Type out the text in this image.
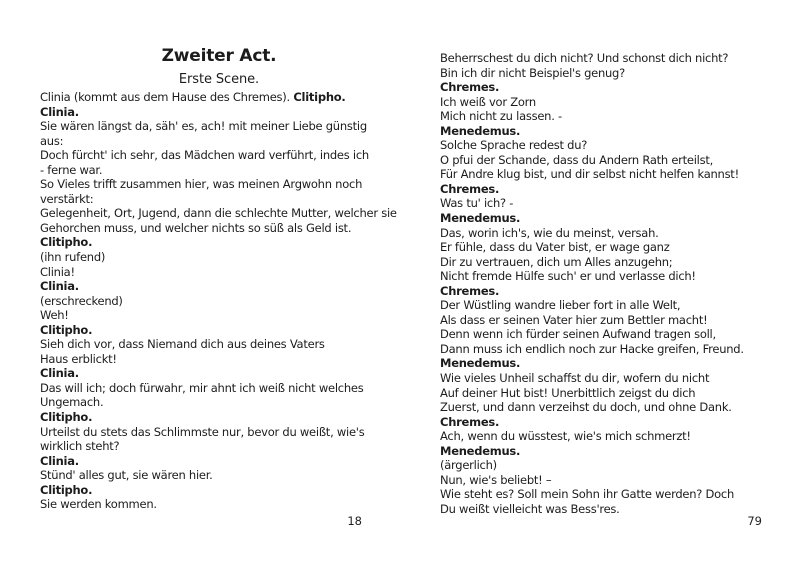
Zweiter Act.
Erste Scene.
Clinia (kommt aus dem Hause des Chremes). Clitipho.
Clinia.
Sie wären längst da, säh' es, ach! mit meiner Liebe günstig
aus:
Doch fürcht' ich sehr, das Mädchen ward verführt, indes ich
- ferne war.
So Vieles trifft zusammen hier, was meinen Argwohn noch
verstärkt:
Gelegenheit, Ort, Jugend, dann die schlechte Mutter, welcher sie
Gehorchen muss, und welcher nichts so süß als Geld ist.
Clitipho.
(ihn rufend)
Clinia!
Clinia.
(erschreckend)
Weh!
Clitipho.
Sieh dich vor, dass Niemand dich aus deines Vaters
Haus erblickt!
Clinia.
Das will ich; doch fürwahr, mir ahnt ich weiß nicht welches
Ungemach.
Clitipho.
Urteilst du stets das Schlimmste nur, bevor du weißt, wie's
wirklich steht?
Clinia.
Stünd' alles gut, sie wären hier.
Clitipho.
Sie werden kommen.
18
Beherrschest du dich nicht? Und schonst dich nicht?
Bin ich dir nicht Beispiel's genug?
Chremes.
Ich weiß vor Zorn
Mich nicht zu lassen. -
Menedemus.
Solche Sprache redest du?
O pfui der Schande, dass du Andern Rath erteilst,
Für Andre klug bist, und dir selbst nicht helfen kannst!
Chremes.
Was tu' ich? -
Menedemus.
Das, worin ich's, wie du meinst, versah.
Er fühle, dass du Vater bist, er wage ganz
Dir zu vertrauen, dich um Alles anzugehn;
Nicht fremde Hülfe such' er und verlasse dich!
Chremes.
Der Wüstling wandre lieber fort in alle Welt,
Als dass er seinen Vater hier zum Bettler macht!
Denn wenn ich fürder seinen Aufwand tragen soll,
Dann muss ich endlich noch zur Hacke greifen, Freund.
Menedemus.
Wie vieles Unheil schaffst du dir, wofern du nicht
Auf deiner Hut bist! Unerbittlich zeigst du dich
Zuerst, und dann verzeihst du doch, und ohne Dank.
Chremes.
Ach, wenn du wüsstest, wie's mich schmerzt!
Menedemus.
(ärgerlich)
Nun, wie's beliebt! –
Wie steht es? Soll mein Sohn ihr Gatte werden? Doch
Du weißt vielleicht was Bess'res.
79
